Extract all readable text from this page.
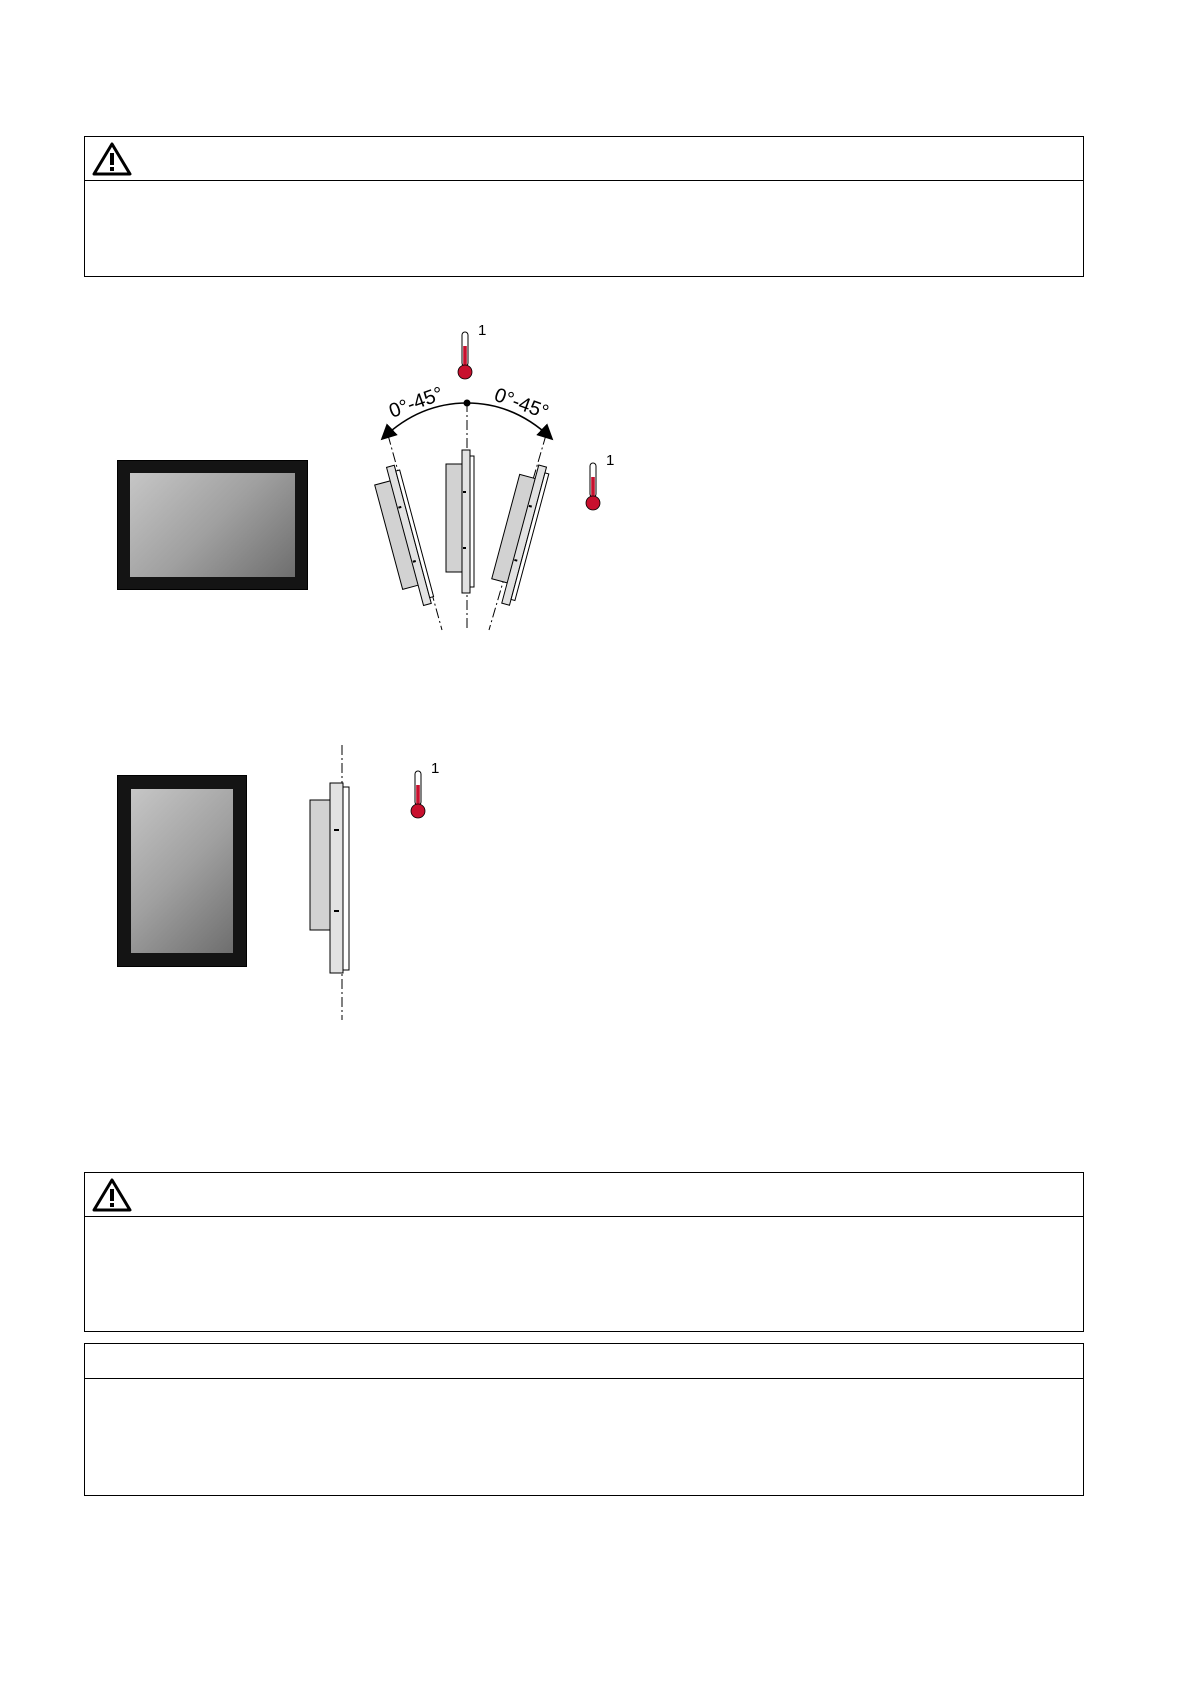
0°-45° 0°-45°
1
1
1
